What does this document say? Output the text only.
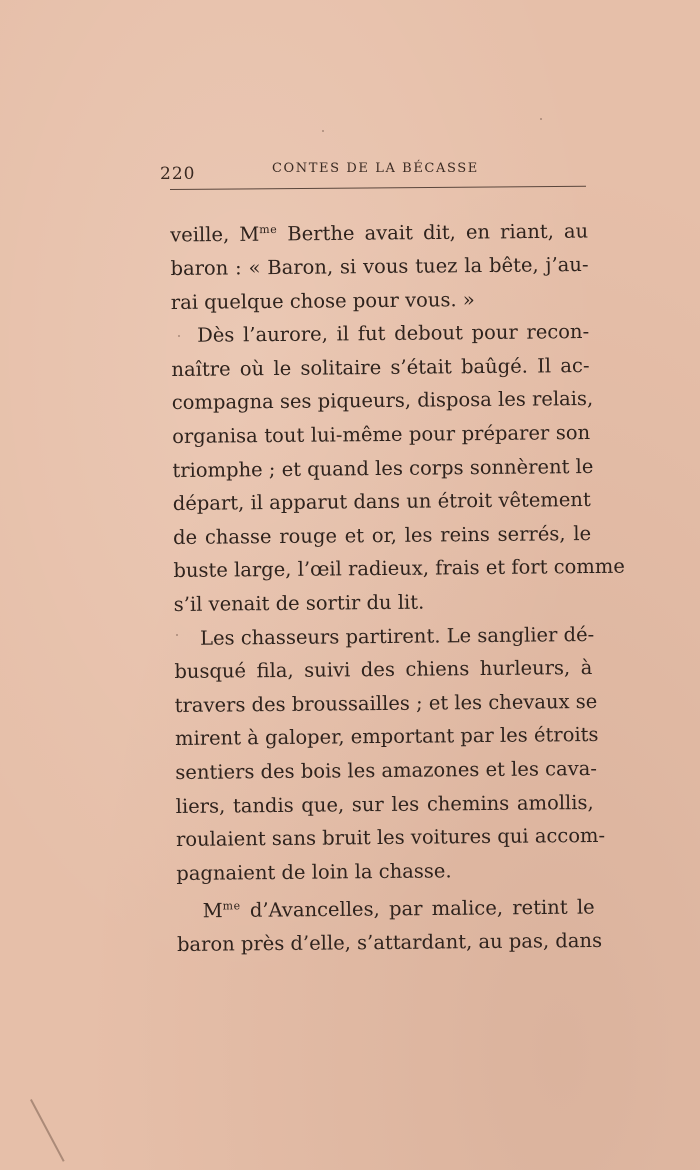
220	CONTES DE LA BÉCASSE
veille, $M^{me}$ Berthe avait dit, en riant, au
baron : « Baron, si vous tuez la bête, j’au-
rai quelque chose pour vous. »
Dès l’aurore, il fut debout pour recon-
naître où le solitaire s’était baûgé. Il ac-
compagna ses piqueurs, disposa les relais,
organisa tout lui-même pour préparer son
triomphe ; et quand les corps sonnèrent le
départ, il apparut dans un étroit vêtement
de chasse rouge et or, les reins serrés, le
buste large, l’œil radieux, frais et fort comme
s’il venait de sortir du lit.
Les chasseurs partirent. Le sanglier dé-
busqué fila, suivi des chiens hurleurs, à
travers des broussailles ; et les chevaux se
mirent à galoper, emportant par les étroits
sentiers des bois les amazones et les cava-
liers, tandis que, sur les chemins amollis,
roulaient sans bruit les voitures qui accom-
pagnaient de loin la chasse.
$M^{me}$ d’Avancelles, par malice, retint le
baron près d’elle, s’attardant, au pas, dans
